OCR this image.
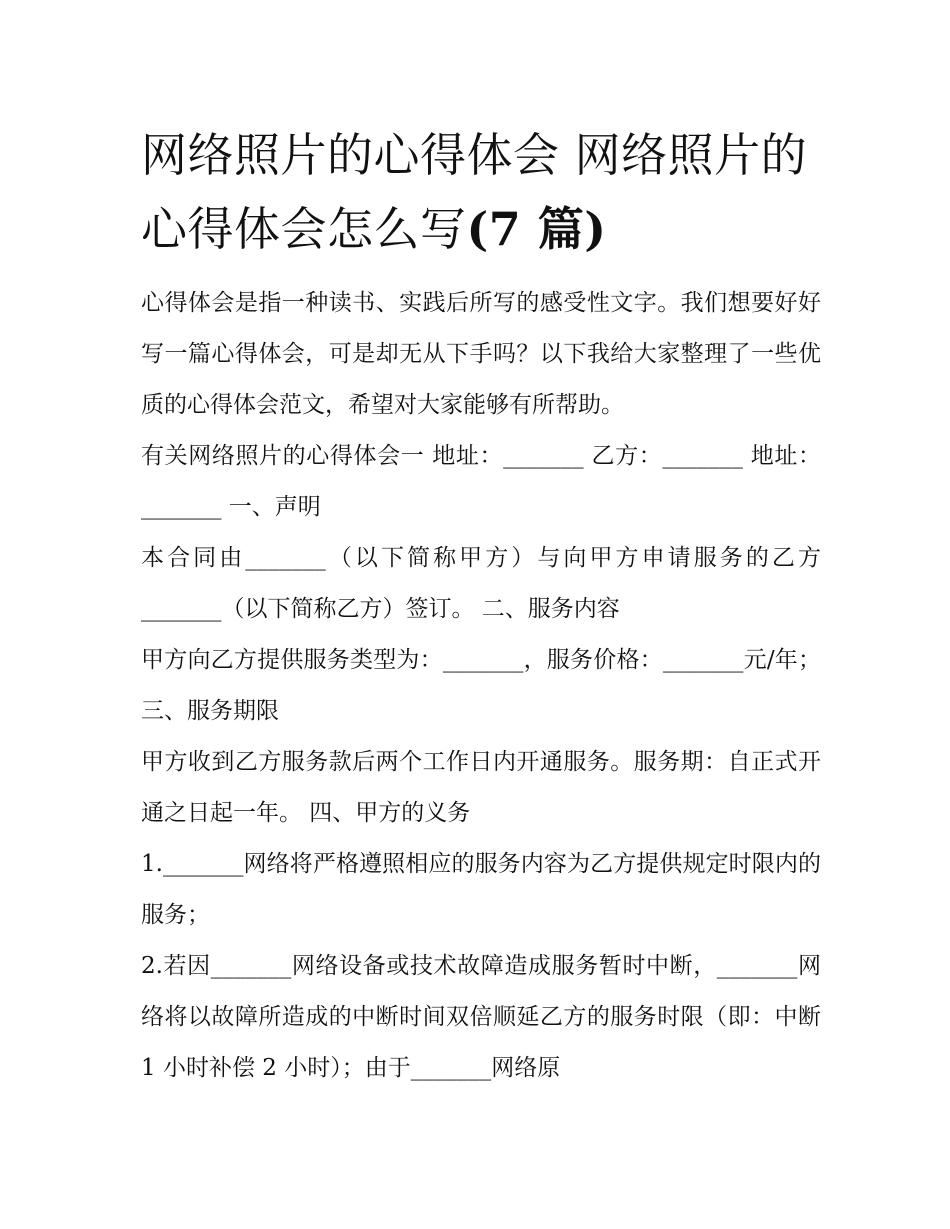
网络照片的心得体会 网络照片的心得体会怎么写(7 篇)

心得体会是指一种读书、实践后所写的感受性文字。我们想要好好写一篇心得体会，可是却无从下手吗？以下我给大家整理了一些优质的心得体会范文，希望对大家能够有所帮助。

有关网络照片的心得体会一 地址：_______ 乙方：_______ 地址：_______ 一、声明

本合同由_______（以下简称甲方）与向甲方申请服务的乙方_______（以下简称乙方）签订。 二、服务内容

甲方向乙方提供服务类型为：_______，服务价格：_______元/年； 三、服务期限

甲方收到乙方服务款后两个工作日内开通服务。服务期：自正式开通之日起一年。 四、甲方的义务

1._______网络将严格遵照相应的服务内容为乙方提供规定时限内的服务；

2.若因_______网络设备或技术故障造成服务暂时中断，_______网络将以故障所造成的中断时间双倍顺延乙方的服务时限（即：中断 1 小时补偿 2 小时）；由于_______网络原
